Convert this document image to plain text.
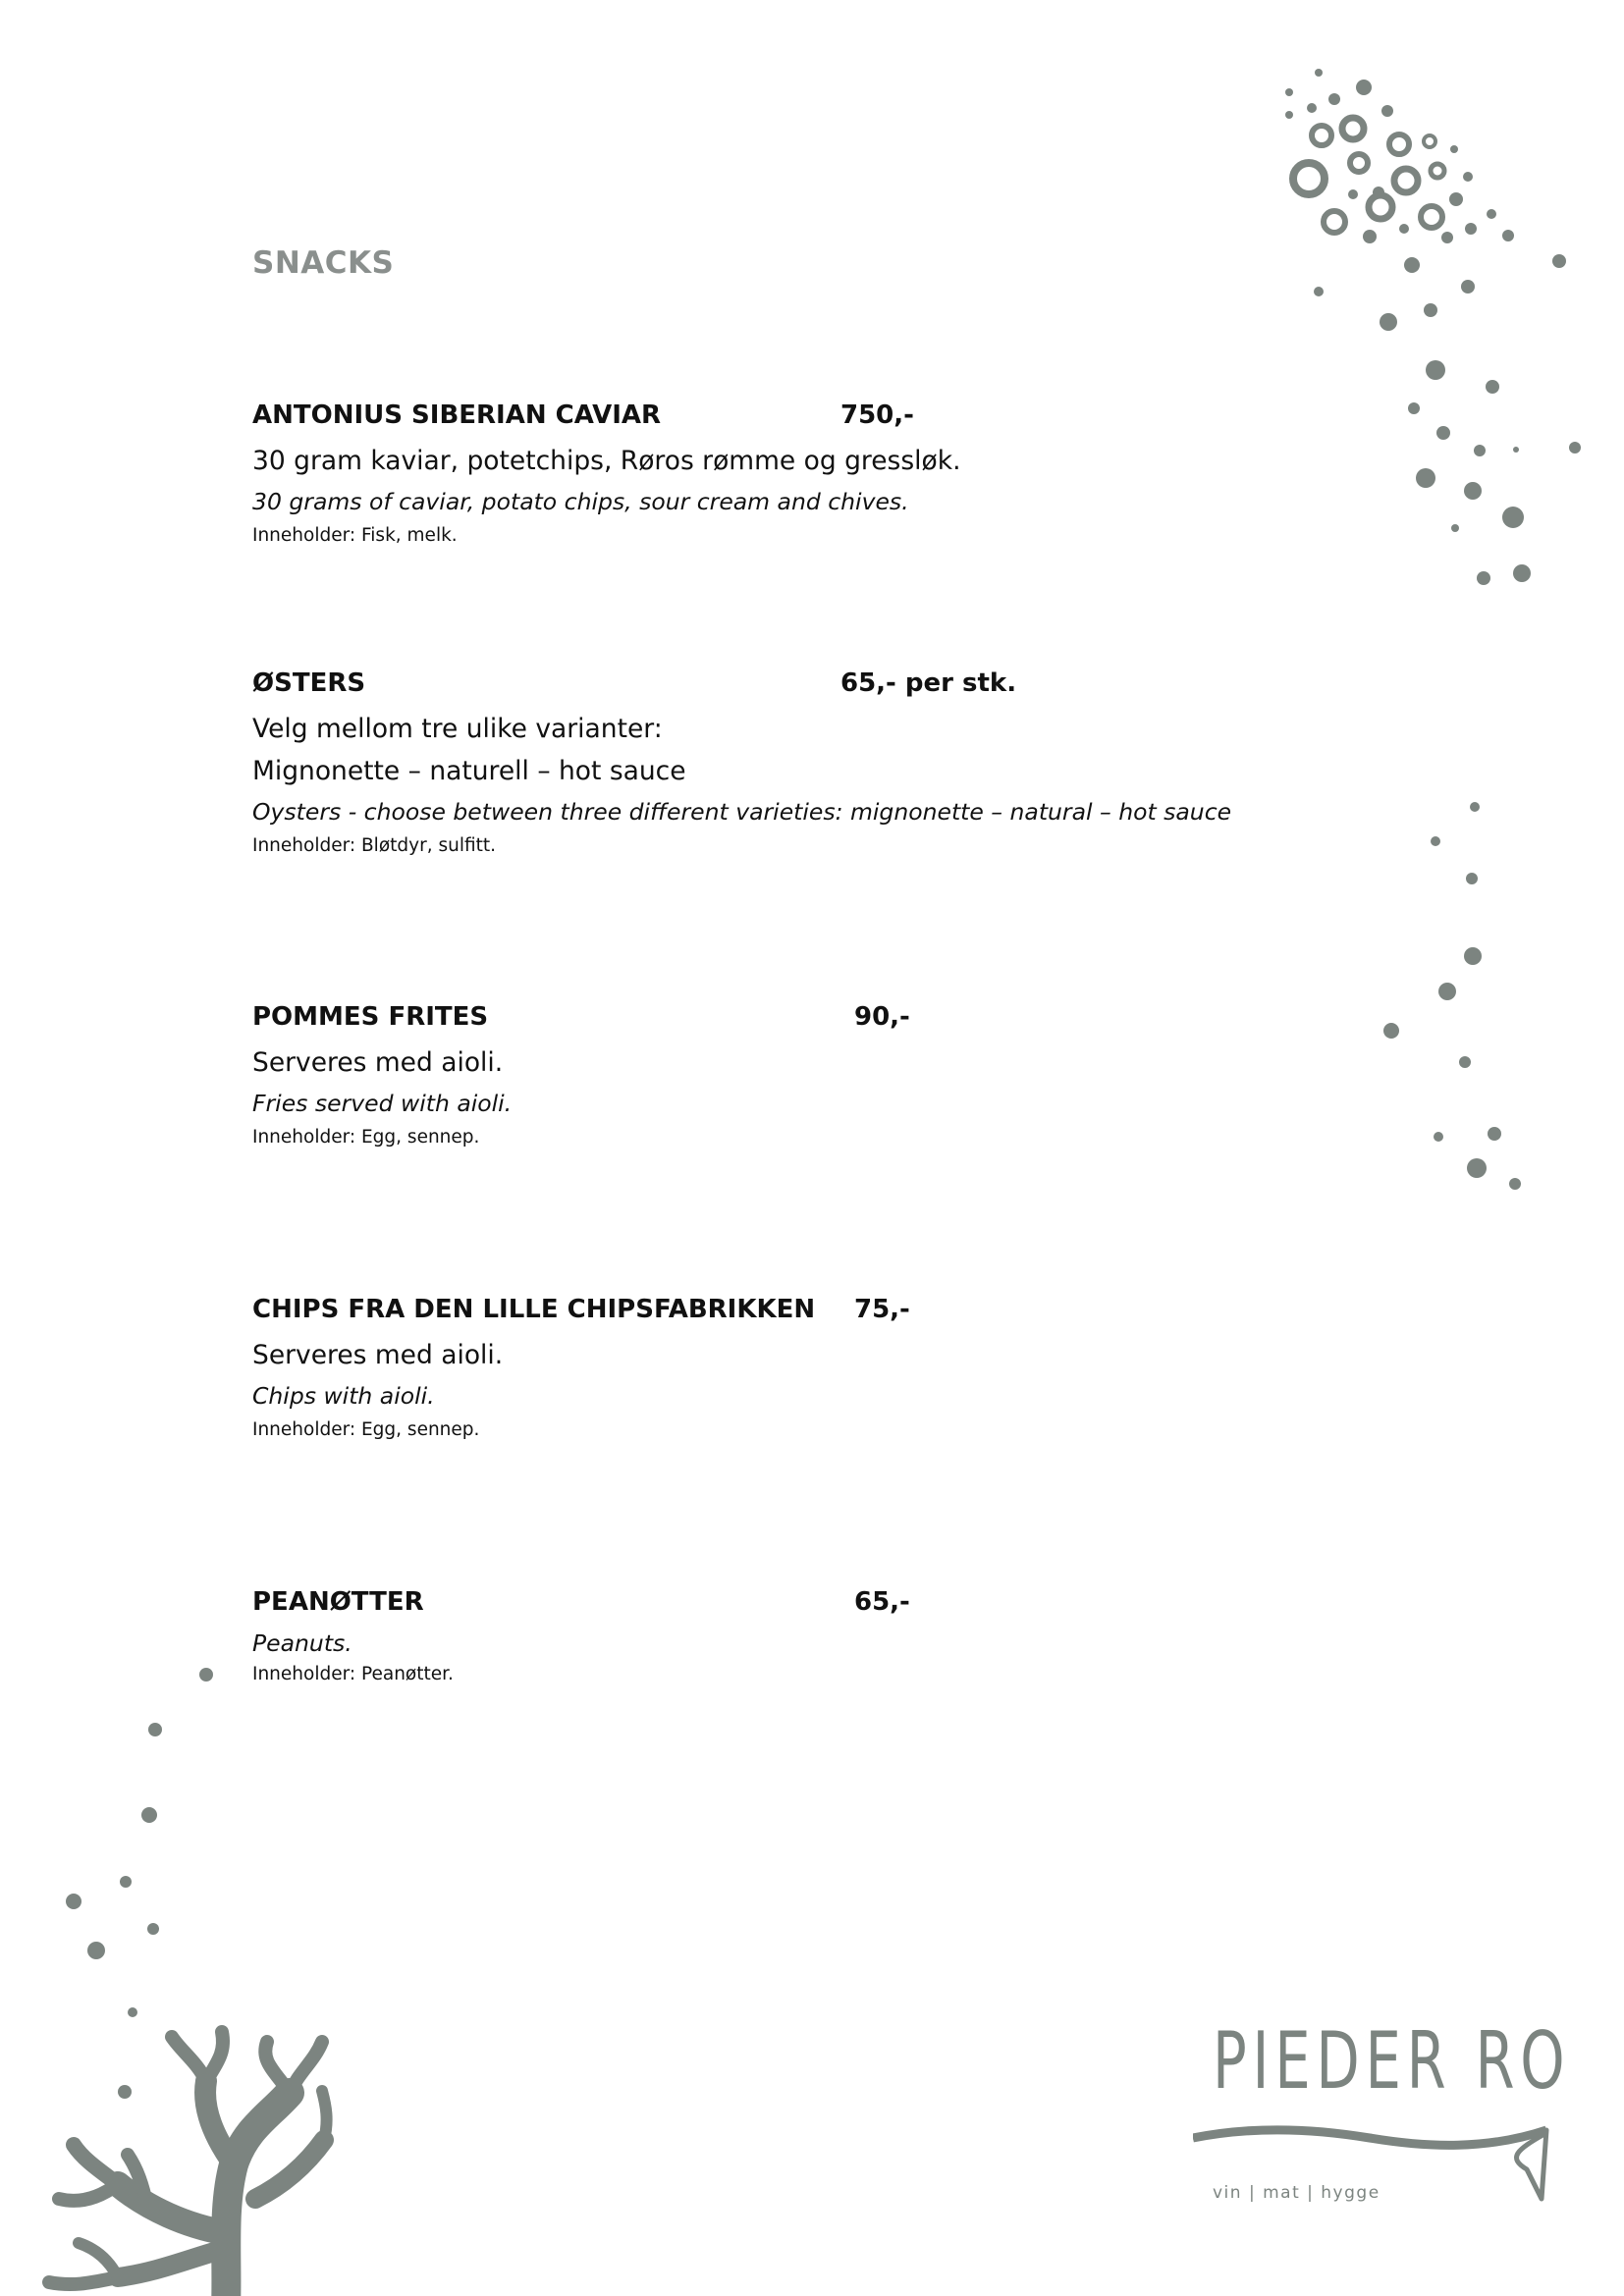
SNACKS
ANTONIUS SIBERIAN CAVIAR	750,-
30 gram kaviar, potetchips, Røros rømme og gressløk.
30 grams of caviar, potato chips, sour cream and chives.
Inneholder: Fisk, melk.
ØSTERS	65,- per stk.
Velg mellom tre ulike varianter:
Mignonette – naturell – hot sauce
Oysters - choose between three different varieties: mignonette – natural – hot sauce
Inneholder: Bløtdyr, sulfitt.
POMMES FRITES	90,-
Serveres med aioli.
Fries served with aioli.
Inneholder: Egg, sennep.
CHIPS FRA DEN LILLE CHIPSFABRIKKEN 75,-
Serveres med aioli.
Chips with aioli.
Inneholder: Egg, sennep.
PEANØTTER	65,-
Peanuts.
Inneholder: Peanøtter.
PIEDER RO
vin | mat | hygge
